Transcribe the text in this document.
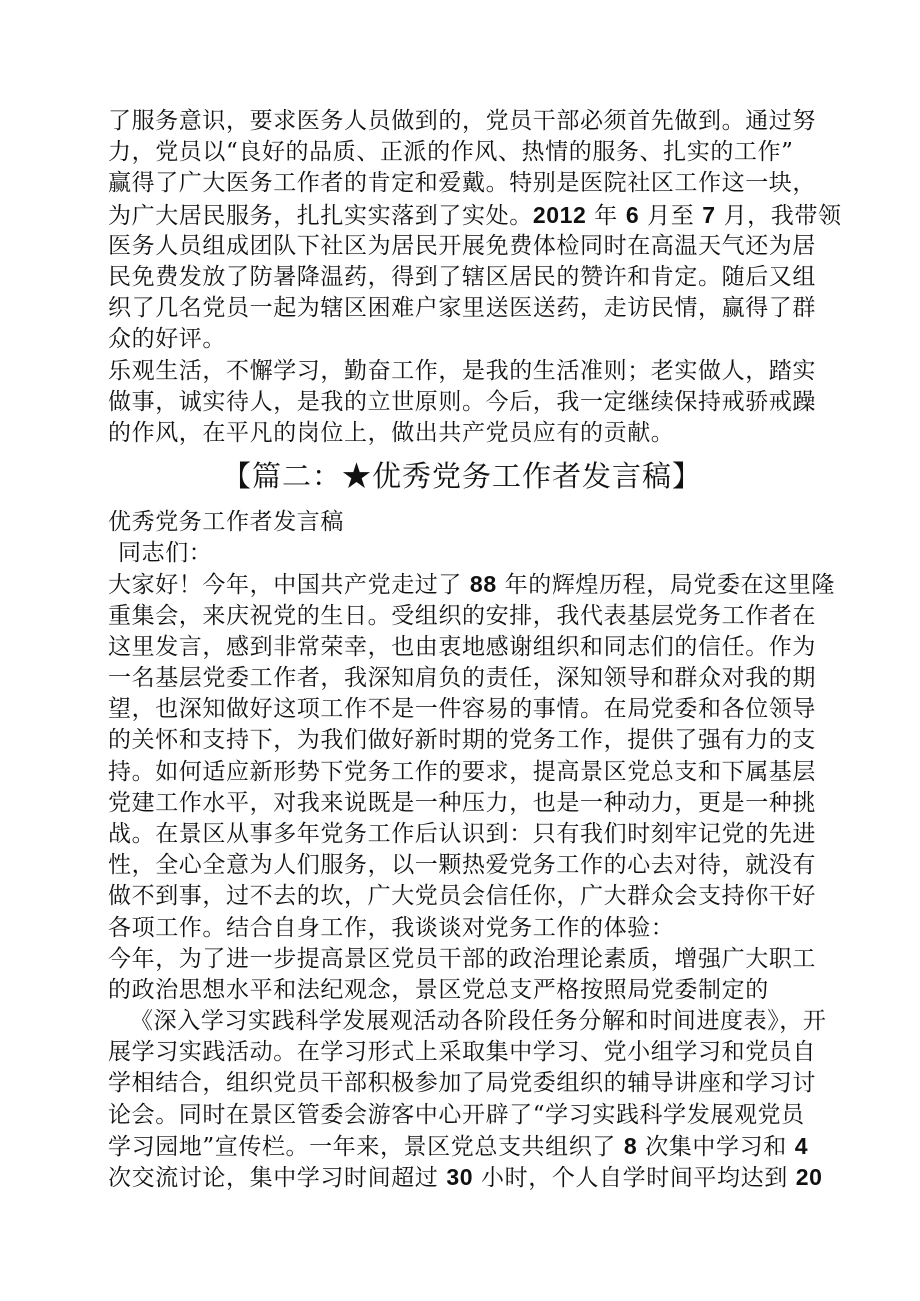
了服务意识，要求医务人员做到的，党员干部必须首先做到。通过努
力，党员以“良好的品质、正派的作风、热情的服务、扎实的工作”
赢得了广大医务工作者的肯定和爱戴。特别是医院社区工作这一块，
为广大居民服务，扎扎实实落到了实处。2012 年 6 月至 7 月，我带领
医务人员组成团队下社区为居民开展免费体检同时在高温天气还为居
民免费发放了防暑降温药，得到了辖区居民的赞许和肯定。随后又组
织了几名党员一起为辖区困难户家里送医送药，走访民情，赢得了群
众的好评。
乐观生活，不懈学习，勤奋工作，是我的生活准则；老实做人，踏实
做事，诚实待人，是我的立世原则。今后，我一定继续保持戒骄戒躁
的作风，在平凡的岗位上，做出共产党员应有的贡献。
【篇二：★优秀党务工作者发言稿】
优秀党务工作者发言稿
同志们：
大家好！今年，中国共产党走过了 88 年的辉煌历程，局党委在这里隆
重集会，来庆祝党的生日。受组织的安排，我代表基层党务工作者在
这里发言，感到非常荣幸，也由衷地感谢组织和同志们的信任。作为
一名基层党委工作者，我深知肩负的责任，深知领导和群众对我的期
望，也深知做好这项工作不是一件容易的事情。在局党委和各位领导
的关怀和支持下，为我们做好新时期的党务工作，提供了强有力的支
持。如何适应新形势下党务工作的要求，提高景区党总支和下属基层
党建工作水平，对我来说既是一种压力，也是一种动力，更是一种挑
战。在景区从事多年党务工作后认识到：只有我们时刻牢记党的先进
性，全心全意为人们服务，以一颗热爱党务工作的心去对待，就没有
做不到事，过不去的坎，广大党员会信任你，广大群众会支持你干好
各项工作。结合自身工作，我谈谈对党务工作的体验：
今年，为了进一步提高景区党员干部的政治理论素质，增强广大职工
的政治思想水平和法纪观念，景区党总支严格按照局党委制定的
《深入学习实践科学发展观活动各阶段任务分解和时间进度表》，开
展学习实践活动。在学习形式上采取集中学习、党小组学习和党员自
学相结合，组织党员干部积极参加了局党委组织的辅导讲座和学习讨
论会。同时在景区管委会游客中心开辟了“学习实践科学发展观党员
学习园地”宣传栏。一年来，景区党总支共组织了 8 次集中学习和 4
次交流讨论，集中学习时间超过 30 小时，个人自学时间平均达到 20
